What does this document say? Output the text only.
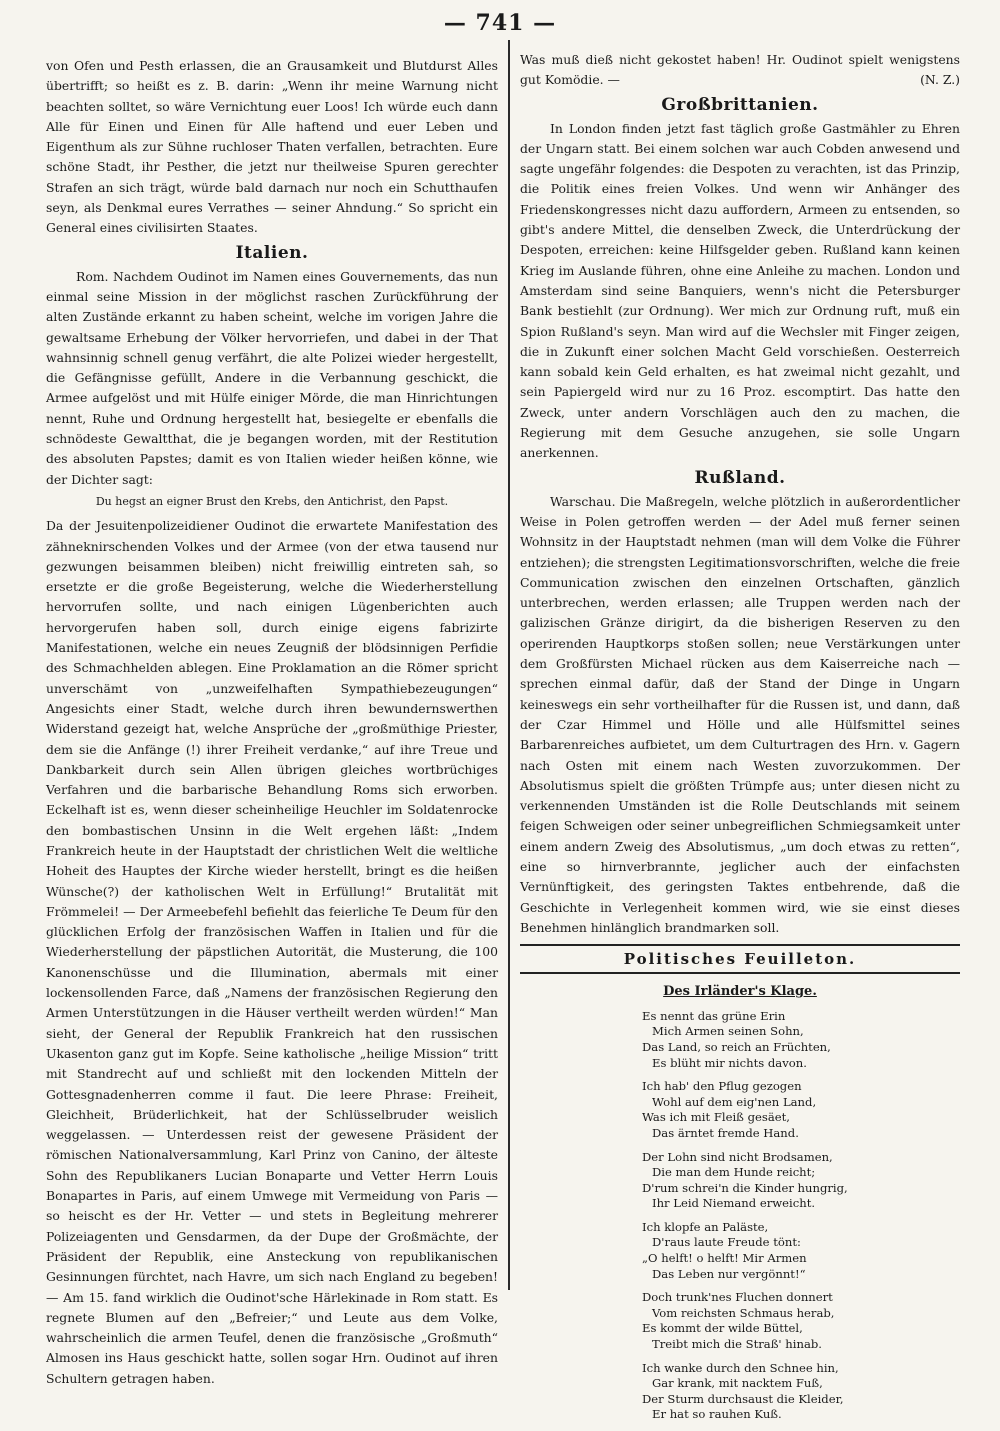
— 741 —

von Ofen und Pesth erlassen, die an Grausamkeit und Blutdurst Alles übertrifft; so heißt es z. B. darin: „Wenn ihr meine Warnung nicht beachten solltet, so wäre Vernichtung euer Loos! Ich würde euch dann Alle für Einen und Einen für Alle haftend und euer Leben und Eigenthum als zur Sühne ruchloser Thaten verfallen, betrachten. Eure schöne Stadt, ihr Pesther, die jetzt nur theilweise Spuren gerechter Strafen an sich trägt, würde bald darnach nur noch ein Schutthaufen seyn, als Denkmal eures Verrathes — seiner Ahndung.“ So spricht ein General eines civilisirten Staates.

Italien.

Rom. Nachdem Oudinot im Namen eines Gouvernements, das nun einmal seine Mission in der möglichst raschen Zurückführung der alten Zustände erkannt zu haben scheint, welche im vorigen Jahre die gewaltsame Erhebung der Völker hervorriefen, und dabei in der That wahnsinnig schnell genug verfährt, die alte Polizei wieder hergestellt, die Gefängnisse gefüllt, Andere in die Verbannung geschickt, die Armee aufgelöst und mit Hülfe einiger Mörde, die man Hinrichtungen nennt, Ruhe und Ordnung hergestellt hat, besiegelte er ebenfalls die schnödeste Gewaltthat, die je begangen worden, mit der Restitution des absoluten Papstes; damit es von Italien wieder heißen könne, wie der Dichter sagt:

Du hegst an eigner Brust den Krebs, den Antichrist, den Papst.

Da der Jesuitenpolizeidiener Oudinot die erwartete Manifestation des zähneknirschenden Volkes und der Armee (von der etwa tausend nur gezwungen beisammen bleiben) nicht freiwillig eintreten sah, so ersetzte er die große Begeisterung, welche die Wiederherstellung hervorrufen sollte, und nach einigen Lügenberichten auch hervorgerufen haben soll, durch einige eigens fabrizirte Manifestationen, welche ein neues Zeugniß der blödsinnigen Perfidie des Schmachhelden ablegen. Eine Proklamation an die Römer spricht unverschämt von „unzweifelhaften Sympathiebezeugungen“ Angesichts einer Stadt, welche durch ihren bewundernswerthen Widerstand gezeigt hat, welche Ansprüche der „großmüthige Priester, dem sie die Anfänge (!) ihrer Freiheit verdanke,“ auf ihre Treue und Dankbarkeit durch sein Allen übrigen gleiches wortbrüchiges Verfahren und die barbarische Behandlung Roms sich erworben. Eckelhaft ist es, wenn dieser scheinheilige Heuchler im Soldatenrocke den bombastischen Unsinn in die Welt ergehen läßt: „Indem Frankreich heute in der Hauptstadt der christlichen Welt die weltliche Hoheit des Hauptes der Kirche wieder herstellt, bringt es die heißen Wünsche(?) der katholischen Welt in Erfüllung!“ Brutalität mit Frömmelei! — Der Armeebefehl befiehlt das feierliche Te Deum für den glücklichen Erfolg der französischen Waffen in Italien und für die Wiederherstellung der päpstlichen Autorität, die Musterung, die 100 Kanonenschüsse und die Illumination, abermals mit einer lockensollenden Farce, daß „Namens der französischen Regierung den Armen Unterstützungen in die Häuser vertheilt werden würden!“ Man sieht, der General der Republik Frankreich hat den russischen Ukasenton ganz gut im Kopfe. Seine katholische „heilige Mission“ tritt mit Standrecht auf und schließt mit den lockenden Mitteln der Gottesgnadenherren comme il faut. Die leere Phrase: Freiheit, Gleichheit, Brüderlichkeit, hat der Schlüsselbruder weislich weggelassen. — Unterdessen reist der gewesene Präsident der römischen Nationalversammlung, Karl Prinz von Canino, der älteste Sohn des Republikaners Lucian Bonaparte und Vetter Herrn Louis Bonapartes in Paris, auf einem Umwege mit Vermeidung von Paris — so heischt es der Hr. Vetter — und stets in Begleitung mehrerer Polizeiagenten und Gensdarmen, da der Dupe der Großmächte, der Präsident der Republik, eine Ansteckung von republikanischen Gesinnungen fürchtet, nach Havre, um sich nach England zu begeben! — Am 15. fand wirklich die Oudinot'sche Härlekinade in Rom statt. Es regnete Blumen auf den „Befreier;“ und Leute aus dem Volke, wahrscheinlich die armen Teufel, denen die französische „Großmuth“ Almosen ins Haus geschickt hatte, sollen sogar Hrn. Oudinot auf ihren Schultern getragen haben.

Was muß dieß nicht gekostet haben! Hr. Oudinot spielt wenigstens gut Komödie. —	(N. Z.)

Großbrittanien.

In London finden jetzt fast täglich große Gastmähler zu Ehren der Ungarn statt. Bei einem solchen war auch Cobden anwesend und sagte ungefähr folgendes: die Despoten zu verachten, ist das Prinzip, die Politik eines freien Volkes. Und wenn wir Anhänger des Friedenskongresses nicht dazu auffordern, Armeen zu entsenden, so gibt's andere Mittel, die denselben Zweck, die Unterdrückung der Despoten, erreichen: keine Hilfsgelder geben. Rußland kann keinen Krieg im Auslande führen, ohne eine Anleihe zu machen. London und Amsterdam sind seine Banquiers, wenn's nicht die Petersburger Bank bestiehlt (zur Ordnung). Wer mich zur Ordnung ruft, muß ein Spion Rußland's seyn. Man wird auf die Wechsler mit Finger zeigen, die in Zukunft einer solchen Macht Geld vorschießen. Oesterreich kann sobald kein Geld erhalten, es hat zweimal nicht gezahlt, und sein Papiergeld wird nur zu 16 Proz. escomptirt. Das hatte den Zweck, unter andern Vorschlägen auch den zu machen, die Regierung mit dem Gesuche anzugehen, sie solle Ungarn anerkennen.

Rußland.

Warschau. Die Maßregeln, welche plötzlich in außerordentlicher Weise in Polen getroffen werden — der Adel muß ferner seinen Wohnsitz in der Hauptstadt nehmen (man will dem Volke die Führer entziehen); die strengsten Legitimationsvorschriften, welche die freie Communication zwischen den einzelnen Ortschaften, gänzlich unterbrechen, werden erlassen; alle Truppen werden nach der galizischen Gränze dirigirt, da die bisherigen Reserven zu den operirenden Hauptkorps stoßen sollen; neue Verstärkungen unter dem Großfürsten Michael rücken aus dem Kaiserreiche nach — sprechen einmal dafür, daß der Stand der Dinge in Ungarn keineswegs ein sehr vortheilhafter für die Russen ist, und dann, daß der Czar Himmel und Hölle und alle Hülfsmittel seines Barbarenreiches aufbietet, um dem Culturtragen des Hrn. v. Gagern nach Osten mit einem nach Westen zuvorzukommen. Der Absolutismus spielt die größten Trümpfe aus; unter diesen nicht zu verkennenden Umständen ist die Rolle Deutschlands mit seinem feigen Schweigen oder seiner unbegreiflichen Schmiegsamkeit unter einem andern Zweig des Absolutismus, „um doch etwas zu retten“, eine so hirnverbrannte, jeglicher auch der einfachsten Vernünftigkeit, des geringsten Taktes entbehrende, daß die Geschichte in Verlegenheit kommen wird, wie sie einst dieses Benehmen hinlänglich brandmarken soll.

Politisches Feuilleton.
Des Irländer's Klage.
Es nennt das grüne Erin
Mich Armen seinen Sohn,
Das Land, so reich an Früchten,
Es blüht mir nichts davon.
Ich hab' den Pflug gezogen
Wohl auf dem eig'nen Land,
Was ich mit Fleiß gesäet,
Das ärntet fremde Hand.
Der Lohn sind nicht Brodsamen,
Die man dem Hunde reicht;
D'rum schrei'n die Kinder hungrig,
Ihr Leid Niemand erweicht.
Ich klopfe an Paläste,
D'raus laute Freude tönt:
„O helft! o helft! Mir Armen
Das Leben nur vergönnt!“
Doch trunk'nes Fluchen donnert
Vom reichsten Schmaus herab,
Es kommt der wilde Büttel,
Treibt mich die Straß' hinab.
Ich wanke durch den Schnee hin,
Gar krank, mit nacktem Fuß,
Der Sturm durchsaust die Kleider,
Er hat so rauhen Kuß.
